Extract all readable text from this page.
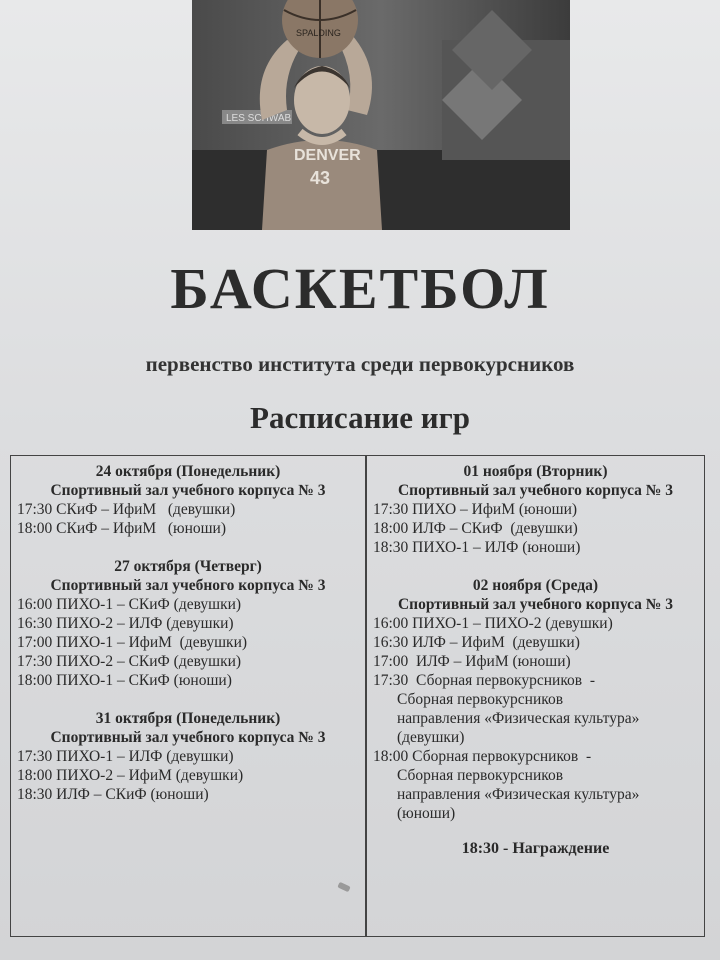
LES SCHWAB
SPALDING
DENVER
43
БАСКЕТБОЛ
первенство института среди первокурсников
Расписание игр
24 октября (Понедельник)
Спортивный зал учебного корпуса № 3
17:30 СКиФ – ИфиМ   (девушки)
18:00 СКиФ – ИфиМ   (юноши)
27 октября (Четверг)
Спортивный зал учебного корпуса № 3
16:00 ПИХО-1 – СКиФ (девушки)
16:30 ПИХО-2 – ИЛФ (девушки)
17:00 ПИХО-1 – ИфиМ  (девушки)
17:30 ПИХО-2 – СКиФ (девушки)
18:00 ПИХО-1 – СКиФ (юноши)
31 октября (Понедельник)
Спортивный зал учебного корпуса № 3
17:30 ПИХО-1 – ИЛФ (девушки)
18:00 ПИХО-2 – ИфиМ (девушки)
18:30 ИЛФ – СКиФ (юноши)
01 ноября (Вторник)
Спортивный зал учебного корпуса № 3
17:30 ПИХО – ИфиМ (юноши)
18:00 ИЛФ – СКиФ  (девушки)
18:30 ПИХО-1 – ИЛФ (юноши)
02 ноября (Среда)
Спортивный зал учебного корпуса № 3
16:00 ПИХО-1 – ПИХО-2 (девушки)
16:30 ИЛФ – ИфиМ  (девушки)
17:00  ИЛФ – ИфиМ (юноши)
17:30  Сборная первокурсников  -
Сборная первокурсников
направления «Физическая культура»
(девушки)
18:00 Сборная первокурсников  -
Сборная первокурсников
направления «Физическая культура»
(юноши)
18:30 - Награждение
